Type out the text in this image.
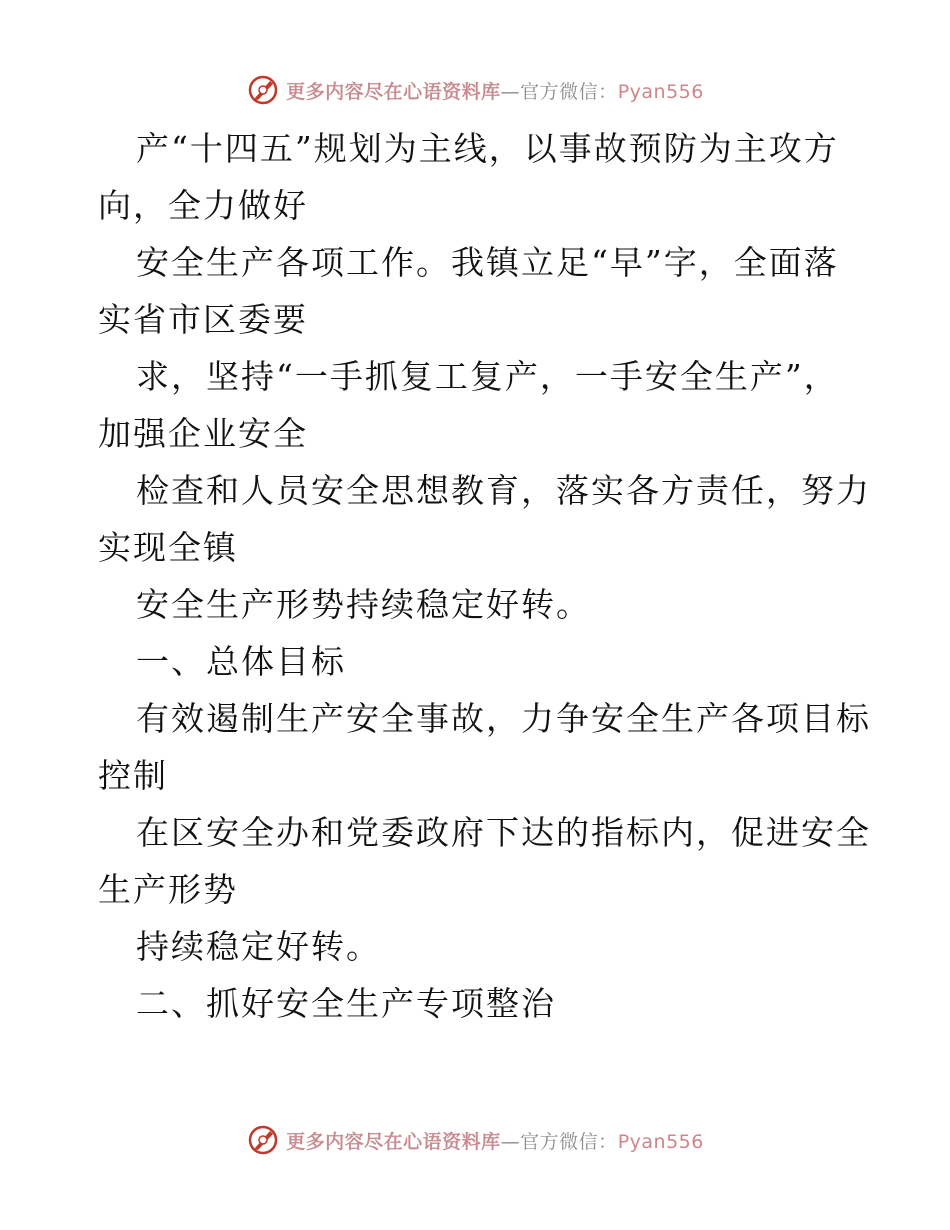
更多内容尽在心语资料库—官方微信：Pyan556
产“十四五”规划为主线，以事故预防为主攻方
向，全力做好
安全生产各项工作。我镇立足“早”字，全面落
实省市区委要
求，坚持“一手抓复工复产，一手安全生产”，
加强企业安全
检查和人员安全思想教育，落实各方责任，努力
实现全镇
安全生产形势持续稳定好转。
一、总体目标
有效遏制生产安全事故，力争安全生产各项目标
控制
在区安全办和党委政府下达的指标内，促进安全
生产形势
持续稳定好转。
二、抓好安全生产专项整治
更多内容尽在心语资料库—官方微信：Pyan556
